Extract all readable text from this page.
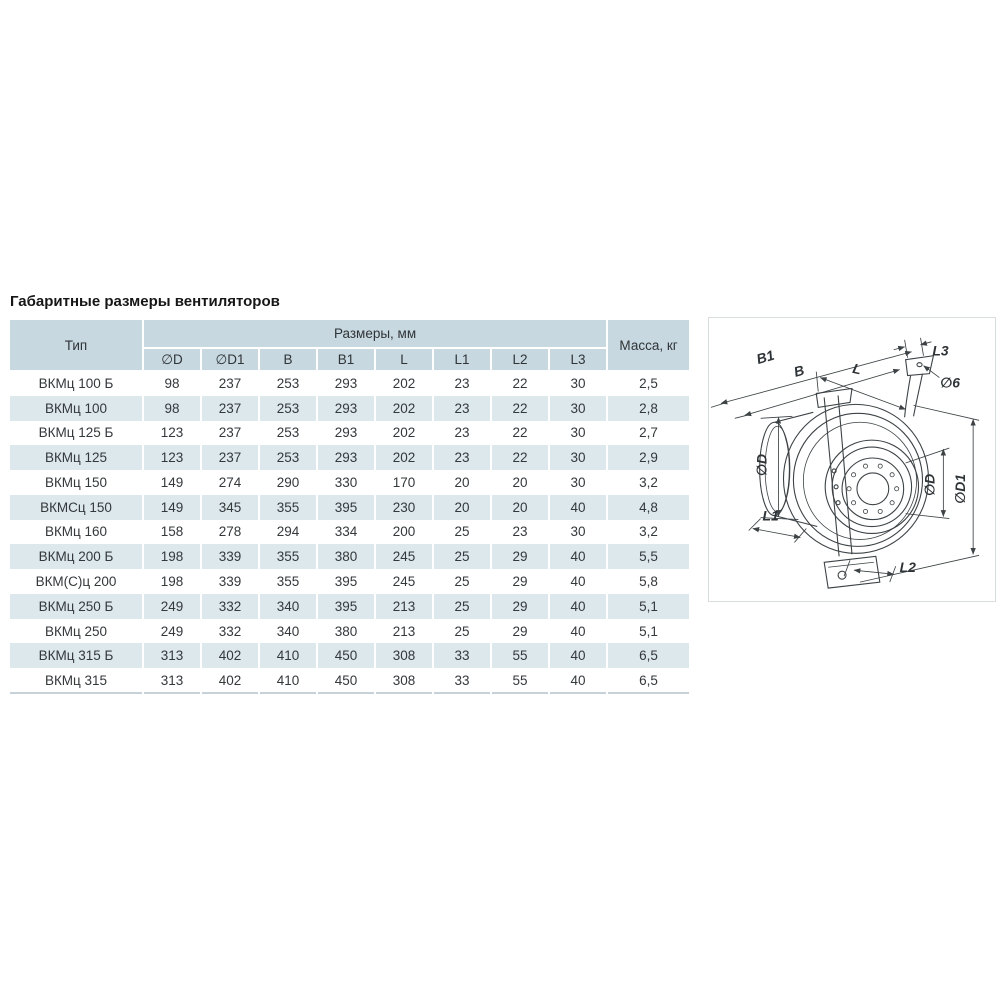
Габаритные размеры вентиляторов
Тип	Размеры, мм								Масса, кг
	∅D	∅D1	B	B1	L	L1	L2	L3	
ВКМц 100 Б	98	237	253	293	202	23	22	30	2,5
ВКМц 100	98	237	253	293	202	23	22	30	2,8
ВКМц 125 Б	123	237	253	293	202	23	22	30	2,7
ВКМц 125	123	237	253	293	202	23	22	30	2,9
ВКМц 150	149	274	290	330	170	20	20	30	3,2
ВКМСц 150	149	345	355	395	230	20	20	40	4,8
ВКМц 160	158	278	294	334	200	25	23	30	3,2
ВКМц 200 Б	198	339	355	380	245	25	29	40	5,5
ВКМ(С)ц 200	198	339	355	395	245	25	29	40	5,8
ВКМц 250 Б	249	332	340	395	213	25	29	40	5,1
ВКМц 250	249	332	340	380	213	25	29	40	5,1
ВКМц 315 Б	313	402	410	450	308	33	55	40	6,5
ВКМц 315	313	402	410	450	308	33	55	40	6,5
B1
B	L
L3
∅6
∅D
∅D ∅D1
L1
L2
